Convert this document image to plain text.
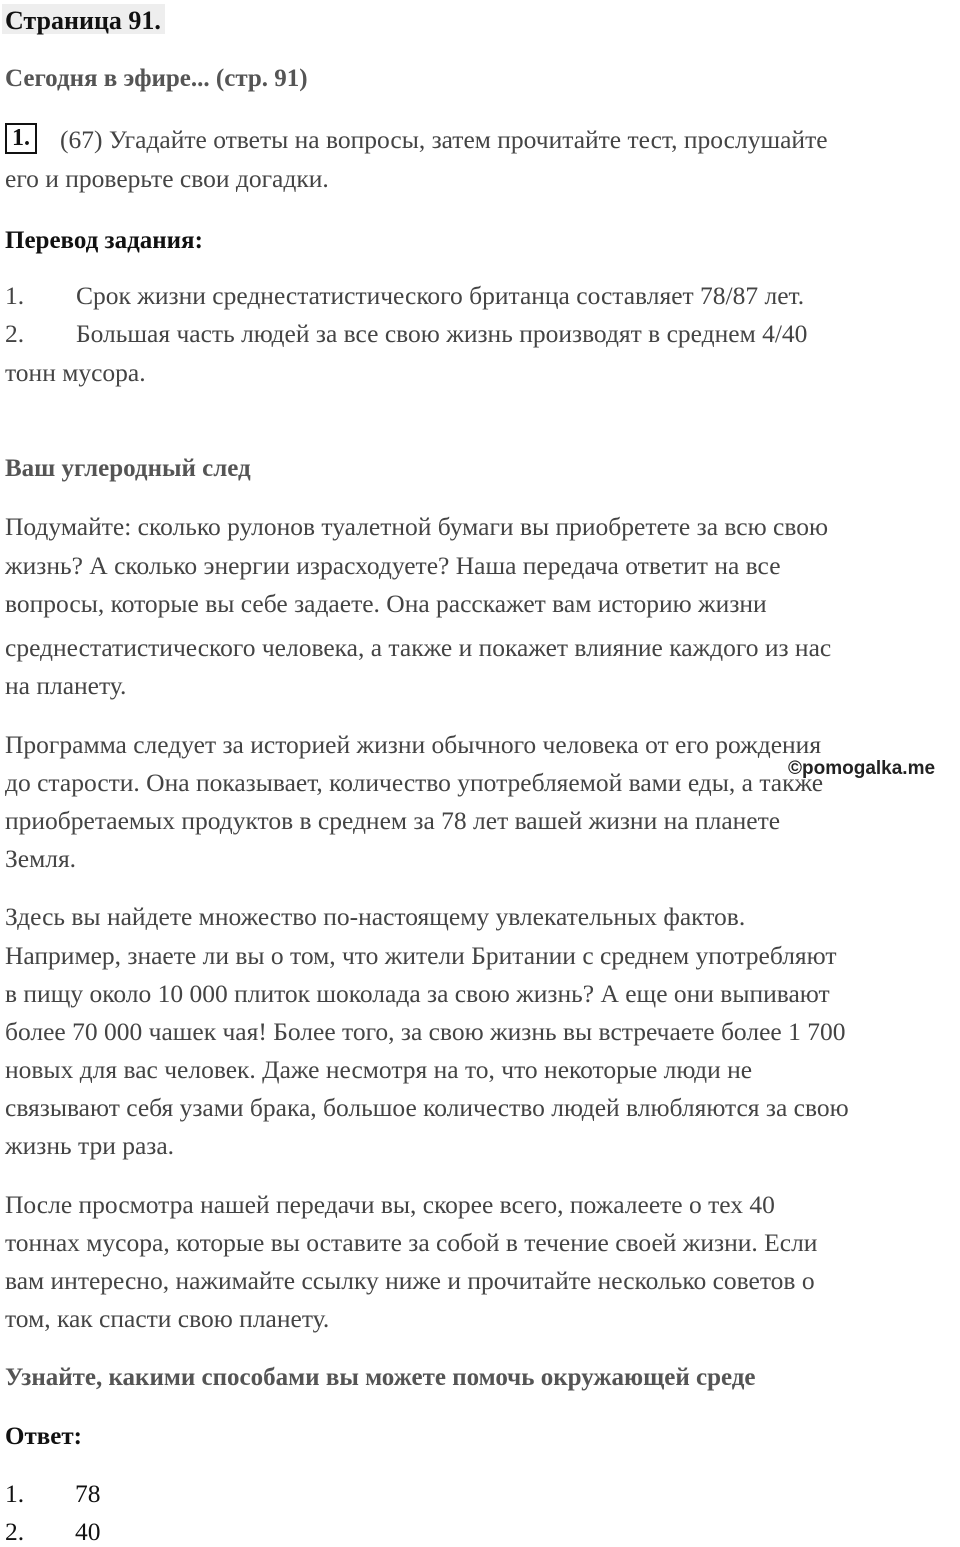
Страница 91.
Сегодня в эфире... (стр. 91)
1. (67) Угадайте ответы на вопросы, затем прочитайте тест, прослушайте
его и проверьте свои догадки.
Перевод задания:
1. Срок жизни среднестатистического британца составляет 78/87 лет.
2. Большая часть людей за все свою жизнь производят в среднем 4/40
тонн мусора.
Ваш углеродный след
Подумайте: сколько рулонов туалетной бумаги вы приобретете за всю свою
жизнь? А сколько энергии израсходуете? Наша передача ответит на все
вопросы, которые вы себе задаете. Она расскажет вам историю жизни
среднестатистического человека, а также и покажет влияние каждого из нас
на планету.
Программа следует за историей жизни обычного человека от его рождения
до старости. Она показывает, количество употребляемой вами еды, а также
приобретаемых продуктов в среднем за 78 лет вашей жизни на планете
Земля.
©pomogalka.me
Здесь вы найдете множество по-настоящему увлекательных фактов.
Например, знаете ли вы о том, что жители Британии с среднем употребляют
в пищу около 10 000 плиток шоколада за свою жизнь? А еще они выпивают
более 70 000 чашек чая! Более того, за свою жизнь вы встречаете более 1 700
новых для вас человек. Даже несмотря на то, что некоторые люди не
связывают себя узами брака, большое количество людей влюбляются за свою
жизнь три раза.
После просмотра нашей передачи вы, скорее всего, пожалеете о тех 40
тоннах мусора, которые вы оставите за собой в течение своей жизни. Если
вам интересно, нажимайте ссылку ниже и прочитайте несколько советов о
том, как спасти свою планету.
Узнайте, какими способами вы можете помочь окружающей среде
Ответ:
1. 78
2. 40
